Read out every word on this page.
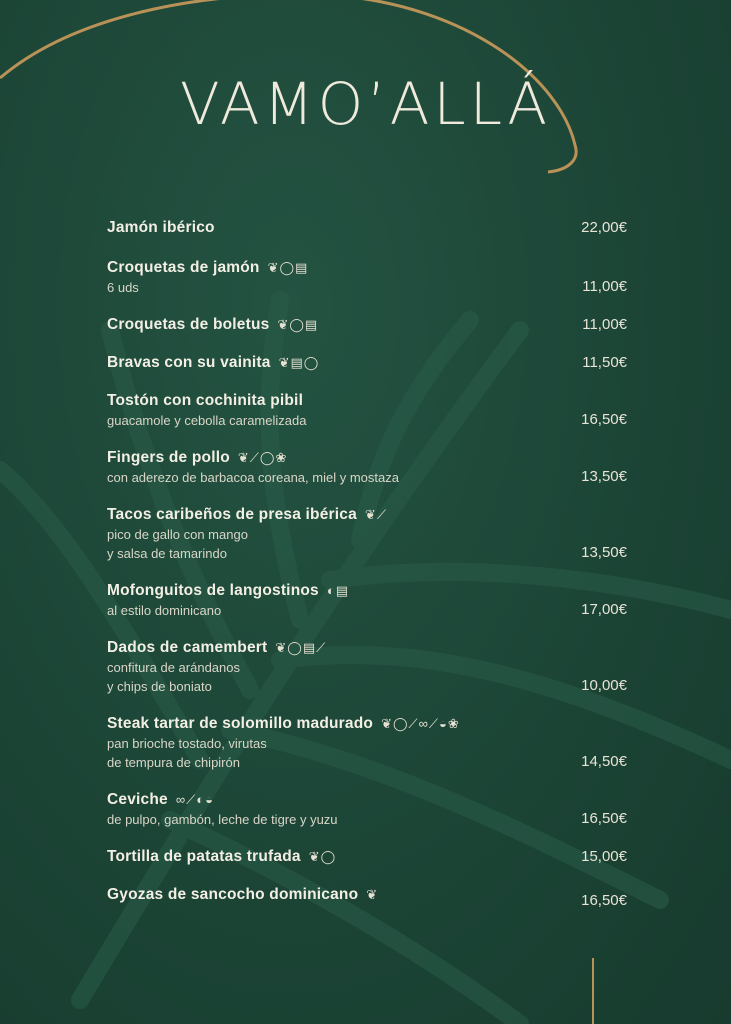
VAMO’ALLÁ
Jamón ibérico	22,00€
Croquetas de jamón ❦◯▤
6 uds	11,00€
Croquetas de boletus ❦◯▤	11,00€
Bravas con su vainita ❦▤◯	11,50€
Tostón con cochinita pibil
guacamole y cebolla caramelizada	16,50€
Fingers de pollo ❦⟋◯❀
con aderezo de barbacoa coreana, miel y mostaza	13,50€
Tacos caribeños de presa ibérica ❦⟋
pico de gallo con mango
y salsa de tamarindo	13,50€
Mofonguitos de langostinos ◐▤
al estilo dominicano	17,00€
Dados de camembert ❦◯▤⟋
confitura de arándanos
y chips de boniato	10,00€
Steak tartar de solomillo madurado ❦◯⟋∞⟋◒❀
pan brioche tostado, virutas
de tempura de chipirón	14,50€
Ceviche ∞⟋◐◒
de pulpo, gambón, leche de tigre y yuzu	16,50€
Tortilla de patatas trufada ❦◯	15,00€
Gyozas de sancocho dominicano ❦	16,50€
